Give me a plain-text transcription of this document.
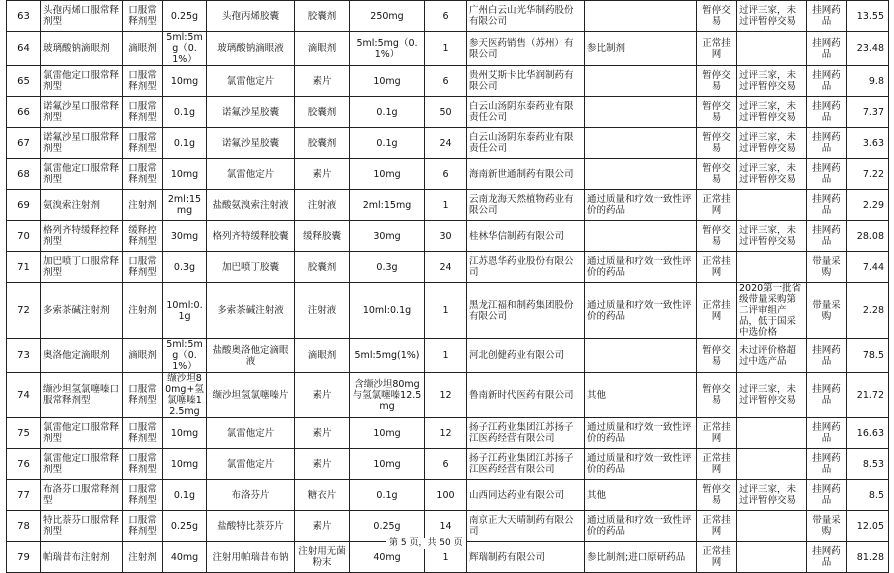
63	头孢丙烯口服常释剂型	口服常释剂型	0.25g	头孢丙烯胶囊	胶囊剂	250mg	6	广州白云山光华制药股份有限公司		暂停交易	过评三家，未过评暂停交易	挂网药品	13.55
64	玻璃酸钠滴眼剂	滴眼剂	5ml:5mg（0.1%）	玻璃酸钠滴眼液	滴眼剂	5ml:5mg（0.1%）	1	参天医药销售（苏州）有限公司	参比制剂	正常挂网		挂网药品	23.48
65	氯雷他定口服常释剂型	口服常释剂型	10mg	氯雷他定片	素片	10mg	6	贵州艾斯卡比华润制药有限公司		暂停交易	过评三家，未过评暂停交易	挂网药品	9.8
66	诺氟沙星口服常释剂型	口服常释剂型	0.1g	诺氟沙星胶囊	胶囊剂	0.1g	50	白云山汤阴东泰药业有限责任公司		暂停交易	过评三家，未过评暂停交易	挂网药品	7.37
67	诺氟沙星口服常释剂型	口服常释剂型	0.1g	诺氟沙星胶囊	胶囊剂	0.1g	24	白云山汤阴东泰药业有限责任公司		暂停交易	过评三家，未过评暂停交易	挂网药品	3.63
68	氯雷他定口服常释剂型	口服常释剂型	10mg	氯雷他定片	素片	10mg	6	海南新世通制药有限公司		暂停交易	过评三家，未过评暂停交易	挂网药品	7.22
69	氨溴索注射剂	注射剂	2ml:15mg	盐酸氨溴索注射液	注射液	2ml:15mg	1	云南龙海天然植物药业有限公司	通过质量和疗效一致性评价的药品	正常挂网		挂网药品	2.29
70	格列齐特缓释控释剂型	缓释控释剂型	30mg	格列齐特缓释胶囊	缓释胶囊	30mg	30	桂林华信制药有限公司		暂停交易	过评三家，未过评暂停交易	挂网药品	28.08
71	加巴喷丁口服常释剂型	口服常释剂型	0.3g	加巴喷丁胶囊	胶囊剂	0.3g	24	江苏恩华药业股份有限公司	通过质量和疗效一致性评价的药品	正常挂网		带量采购	7.44
72	多索茶碱注射剂	注射剂	10ml:0.1g	多索茶碱注射液	注射液	10ml:0.1g	1	黑龙江福和制药集团股份有限公司	通过质量和疗效一致性评价的药品	正常挂网	2020第一批省级带量采购第二评审组产品，低于国采中选价格	带量采购	2.28
73	奥洛他定滴眼剂	滴眼剂	5ml:5mg（0.1%）	盐酸奥洛他定滴眼液	滴眼剂	5ml:5mg(1%)	1	河北创健药业有限公司		暂停交易	未过评价格超过中选产品	挂网药品	78.5
74	缬沙坦氢氯噻嗪口服常释剂型	口服常释剂型	缬沙坦80mg+氢氯噻嗪12.5mg	缬沙坦氢氯噻嗪片	素片	含缬沙坦80mg与氢氯噻嗪12.5mg	12	鲁南新时代医药有限公司	其他	暂停交易	过评三家，未过评暂停交易	挂网药品	21.72
75	氯雷他定口服常释剂型	口服常释剂型	10mg	氯雷他定片	素片	10mg	12	扬子江药业集团江苏扬子江医药经营有限公司	通过质量和疗效一致性评价的药品	正常挂网		挂网药品	16.63
76	氯雷他定口服常释剂型	口服常释剂型	10mg	氯雷他定片	素片	10mg	6	扬子江药业集团江苏扬子江医药经营有限公司	通过质量和疗效一致性评价的药品	正常挂网		挂网药品	8.53
77	布洛芬口服常释剂型	口服常释剂型	0.1g	布洛芬片	糖衣片	0.1g	100	山西同达药业有限公司	其他	暂停交易	过评三家，未过评暂停交易	挂网药品	8.5
78	特比萘芬口服常释剂型	口服常释剂型	0.25g	盐酸特比萘芬片	素片	0.25g	14	南京正大天晴制药有限公司	通过质量和疗效一致性评价的药品	正常挂网		带量采购	12.05
79	帕瑞昔布注射剂	注射剂	40mg	注射用帕瑞昔布钠	注射用无菌粉末	40mg	1	辉瑞制药有限公司	参比制剂;进口原研药品	正常挂网		挂网药品	81.28
第 5 页，共 50 页
